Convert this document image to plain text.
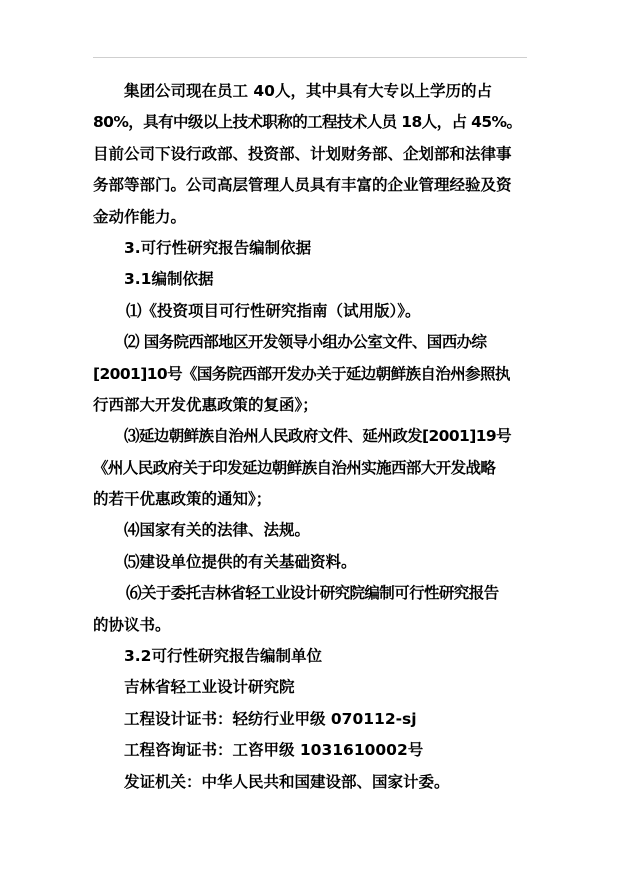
集团公司现在员工 40人，其中具有大专以上学历的占
80%，具有中级以上技术职称的工程技术人员 18人，占 45%。
目前公司下设行政部、投资部、计划财务部、企划部和法律事
务部等部门。公司高层管理人员具有丰富的企业管理经验及资
金动作能力。
3.可行性研究报告编制依据
3.1编制依据
⑴《投资项目可行性研究指南（试用版）》。
⑵ 国务院西部地区开发领导小组办公室文件、国西办综
[2001]10号《国务院西部开发办关于延边朝鲜族自治州参照执
行西部大开发优惠政策的复函》；
⑶延边朝鲜族自治州人民政府文件、延州政发[2001]19号
《州人民政府关于印发延边朝鲜族自治州实施西部大开发战略
的若干优惠政策的通知》；
⑷国家有关的法律、法规。
⑸建设单位提供的有关基础资料。
⑹关于委托吉林省轻工业设计研究院编制可行性研究报告
的协议书。
3.2可行性研究报告编制单位
吉林省轻工业设计研究院
工程设计证书：轻纺行业甲级 070112-sj
工程咨询证书：工咨甲级 1031610002号
发证机关：中华人民共和国建设部、国家计委。
